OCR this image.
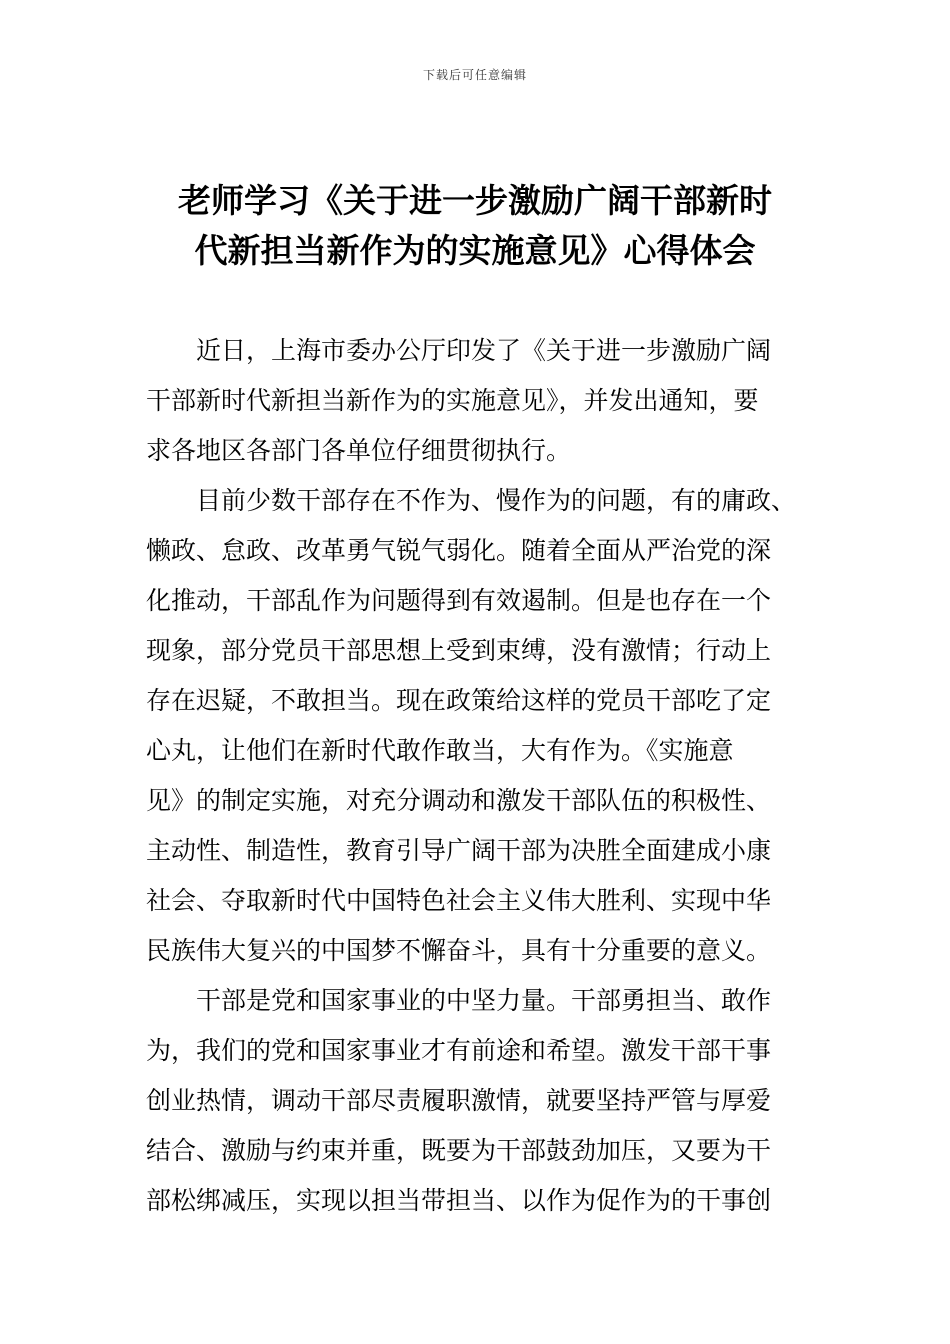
下载后可任意编辑
老师学习《关于进一步激励广阔干部新时
代新担当新作为的实施意见》心得体会
近日，上海市委办公厅印发了《关于进一步激励广阔
干部新时代新担当新作为的实施意见》，并发出通知，要
求各地区各部门各单位仔细贯彻执行。
目前少数干部存在不作为、慢作为的问题，有的庸政、
懒政、怠政、改革勇气锐气弱化。随着全面从严治党的深
化推动，干部乱作为问题得到有效遏制。但是也存在一个
现象，部分党员干部思想上受到束缚，没有激情；行动上
存在迟疑，不敢担当。现在政策给这样的党员干部吃了定
心丸，让他们在新时代敢作敢当，大有作为。《实施意
见》的制定实施，对充分调动和激发干部队伍的积极性、
主动性、制造性，教育引导广阔干部为决胜全面建成小康
社会、夺取新时代中国特色社会主义伟大胜利、实现中华
民族伟大复兴的中国梦不懈奋斗，具有十分重要的意义。
干部是党和国家事业的中坚力量。干部勇担当、敢作
为，我们的党和国家事业才有前途和希望。激发干部干事
创业热情，调动干部尽责履职激情，就要坚持严管与厚爱
结合、激励与约束并重，既要为干部鼓劲加压，又要为干
部松绑减压，实现以担当带担当、以作为促作为的干事创
